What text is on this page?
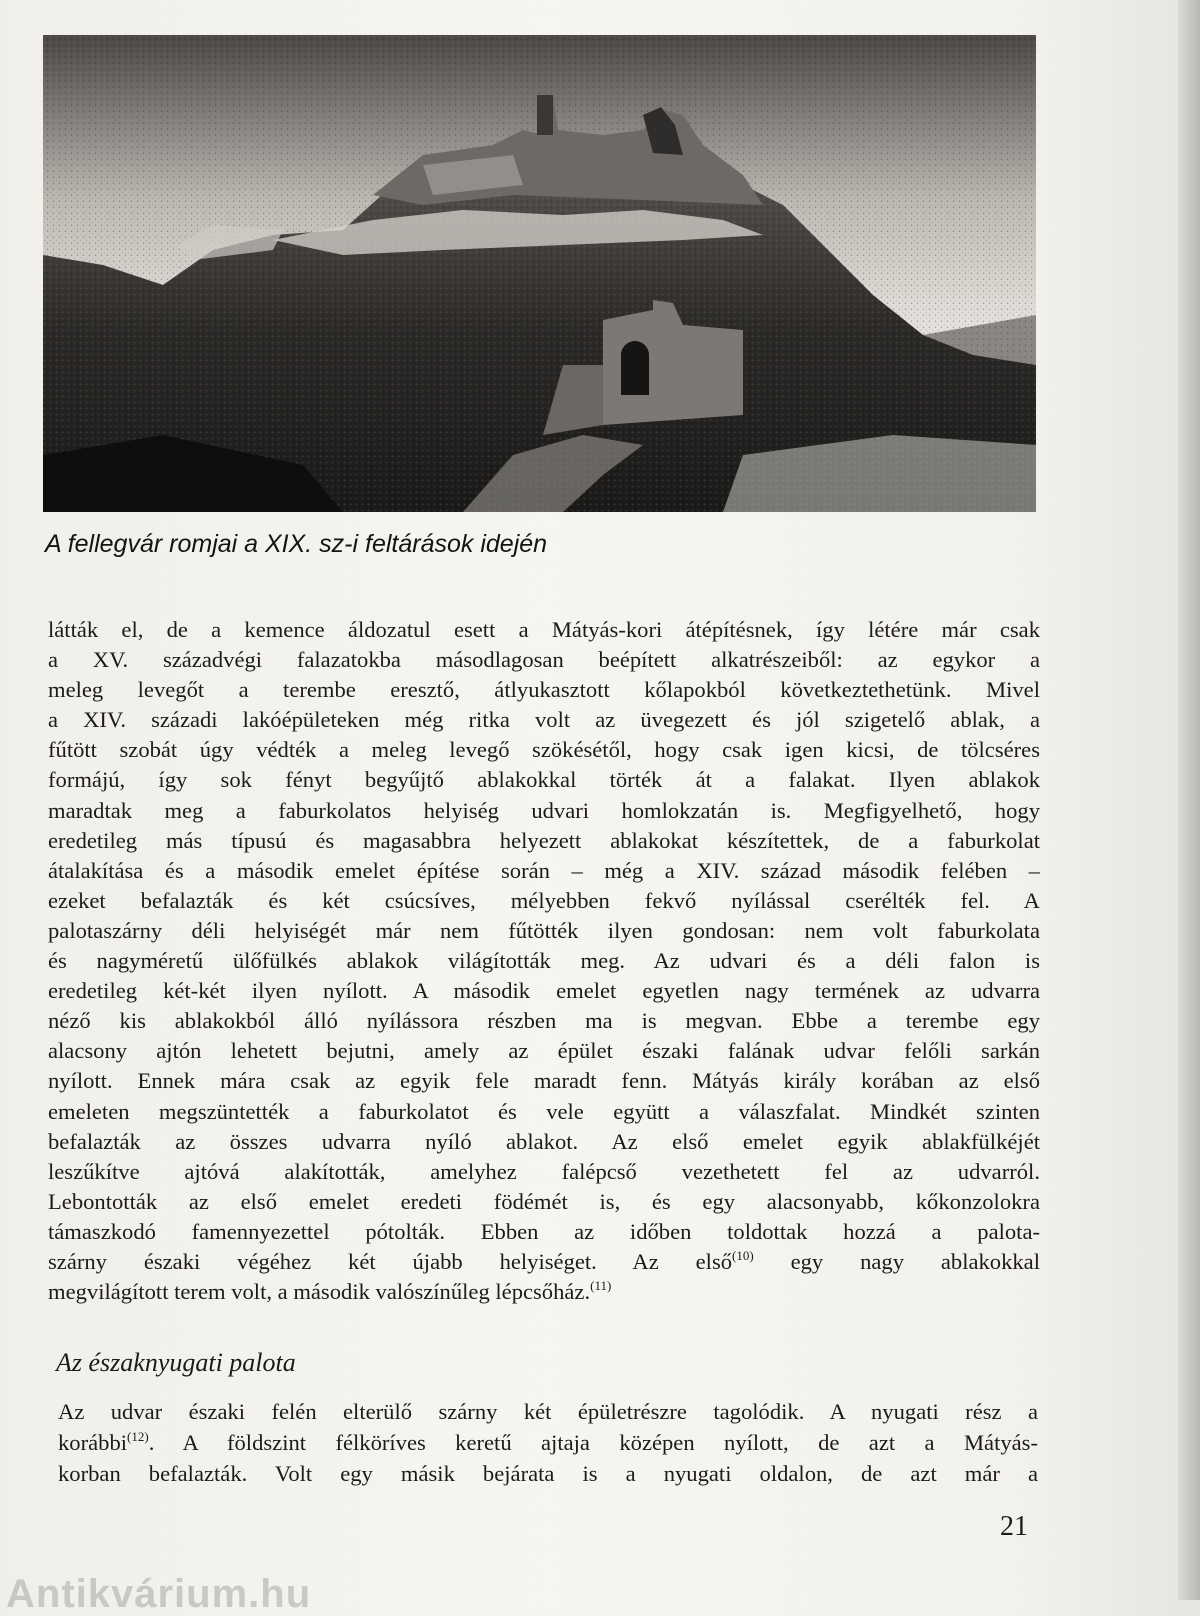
A fellegvár romjai a XIX. sz-i feltárások idején
látták el, de a kemence áldozatul esett a Mátyás-kori átépítésnek, így létére már csak
a XV. századvégi falazatokba másodlagosan beépített alkatrészeiből: az egykor a
meleg levegőt a terembe eresztő, átlyukasztott kőlapokból következtethetünk. Mivel
a XIV. századi lakóépületeken még ritka volt az üvegezett és jól szigetelő ablak, a
fűtött szobát úgy védték a meleg levegő szökésétől, hogy csak igen kicsi, de tölcséres
formájú, így sok fényt begyűjtő ablakokkal törték át a falakat. Ilyen ablakok
maradtak meg a faburkolatos helyiség udvari homlokzatán is. Megfigyelhető, hogy
eredetileg más típusú és magasabbra helyezett ablakokat készítettek, de a faburkolat
átalakítása és a második emelet építése során – még a XIV. század második felében –
ezeket befalazták és két csúcsíves, mélyebben fekvő nyílással cserélték fel. A
palotaszárny déli helyiségét már nem fűtötték ilyen gondosan: nem volt faburkolata
és nagyméretű ülőfülkés ablakok világították meg. Az udvari és a déli falon is
eredetileg két-két ilyen nyílott. A második emelet egyetlen nagy termének az udvarra
néző kis ablakokból álló nyílássora részben ma is megvan. Ebbe a terembe egy
alacsony ajtón lehetett bejutni, amely az épület északi falának udvar felőli sarkán
nyílott. Ennek mára csak az egyik fele maradt fenn. Mátyás király korában az első
emeleten megszüntették a faburkolatot és vele együtt a válaszfalat. Mindkét szinten
befalazták az összes udvarra nyíló ablakot. Az első emelet egyik ablakfülkéjét
leszűkítve ajtóvá alakították, amelyhez falépcső vezethetett fel az udvarról.
Lebontották az első emelet eredeti födémét is, és egy alacsonyabb, kőkonzolokra
támaszkodó famennyezettel pótolták. Ebben az időben toldottak hozzá a palota-
szárny északi végéhez két újabb helyiséget. Az első$^{(10)}$ egy nagy ablakokkal
megvilágított terem volt, a második valószínűleg lépcsőház.$^{(11)}$
Az északnyugati palota
Az udvar északi felén elterülő szárny két épületrészre tagolódik. A nyugati rész a
korábbi$^{(12)}$. A földszint félköríves keretű ajtaja középen nyílott, de azt a Mátyás-
korban befalazták. Volt egy másik bejárata is a nyugati oldalon, de azt már a
21
Antikvárium.hu
